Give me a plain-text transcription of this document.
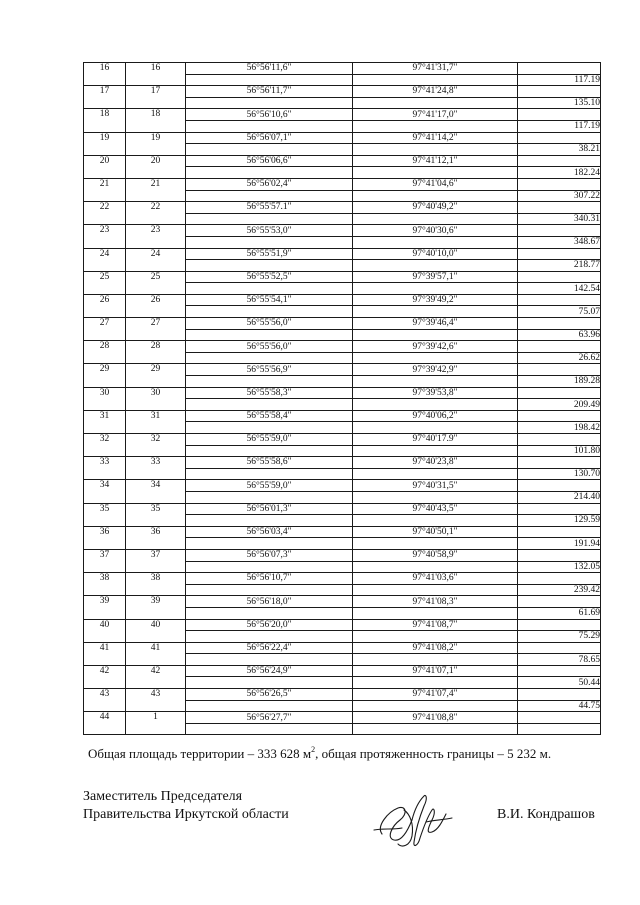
16	16	56°56'11,6"	97°41'31,7"	
				117.19
17	17	56°56'11,7"	97°41'24,8"	
				135.10
18	18	56°56'10,6"	97°41'17,0"	
				117.19
19	19	56°56'07,1"	97°41'14,2"	
				38.21
20	20	56°56'06,6"	97°41'12,1"	
				182.24
21	21	56°56'02,4"	97°41'04,6"	
				307.22
22	22	56°55'57.1"	97°40'49,2"	
				340.31
23	23	56°55'53,0"	97°40'30,6"	
				348.67
24	24	56°55'51,9"	97°40'10,0"	
				218.77
25	25	56°55'52,5"	97°39'57,1"	
				142.54
26	26	56°55'54,1"	97°39'49,2"	
				75.07
27	27	56°55'56,0"	97°39'46,4"	
				63.96
28	28	56°55'56,0"	97°39'42,6"	
				26.62
29	29	56°55'56,9"	97°39'42,9"	
				189.28
30	30	56°55'58,3"	97°39'53,8"	
				209.49
31	31	56°55'58,4"	97°40'06,2"	
				198.42
32	32	56°55'59,0"	97°40'17.9"	
				101.80
33	33	56°55'58,6"	97°40'23,8"	
				130.70
34	34	56°55'59,0"	97°40'31,5"	
				214.40
35	35	56°56'01,3"	97°40'43,5"	
				129.59
36	36	56°56'03,4"	97°40'50,1"	
				191.94
37	37	56°56'07,3"	97°40'58,9"	
				132.05
38	38	56°56'10,7"	97°41'03,6"	
				239.42
39	39	56°56'18,0"	97°41'08,3"	
				61.69
40	40	56°56'20,0"	97°41'08,7"	
				75.29
41	41	56°56'22,4"	97°41'08,2"	
				78.65
42	42	56°56'24,9"	97°41'07,1"	
				50.44
43	43	56°56'26,5"	97°41'07,4"	
				44.75
44	1	56°56'27,7"	97°41'08,8"	

Общая площадь территории – 333 628 $м^2$, общая протяженность границы – 5 232 м.
Заместитель Председателя
Правительства Иркутской области	В.И. Кондрашов
